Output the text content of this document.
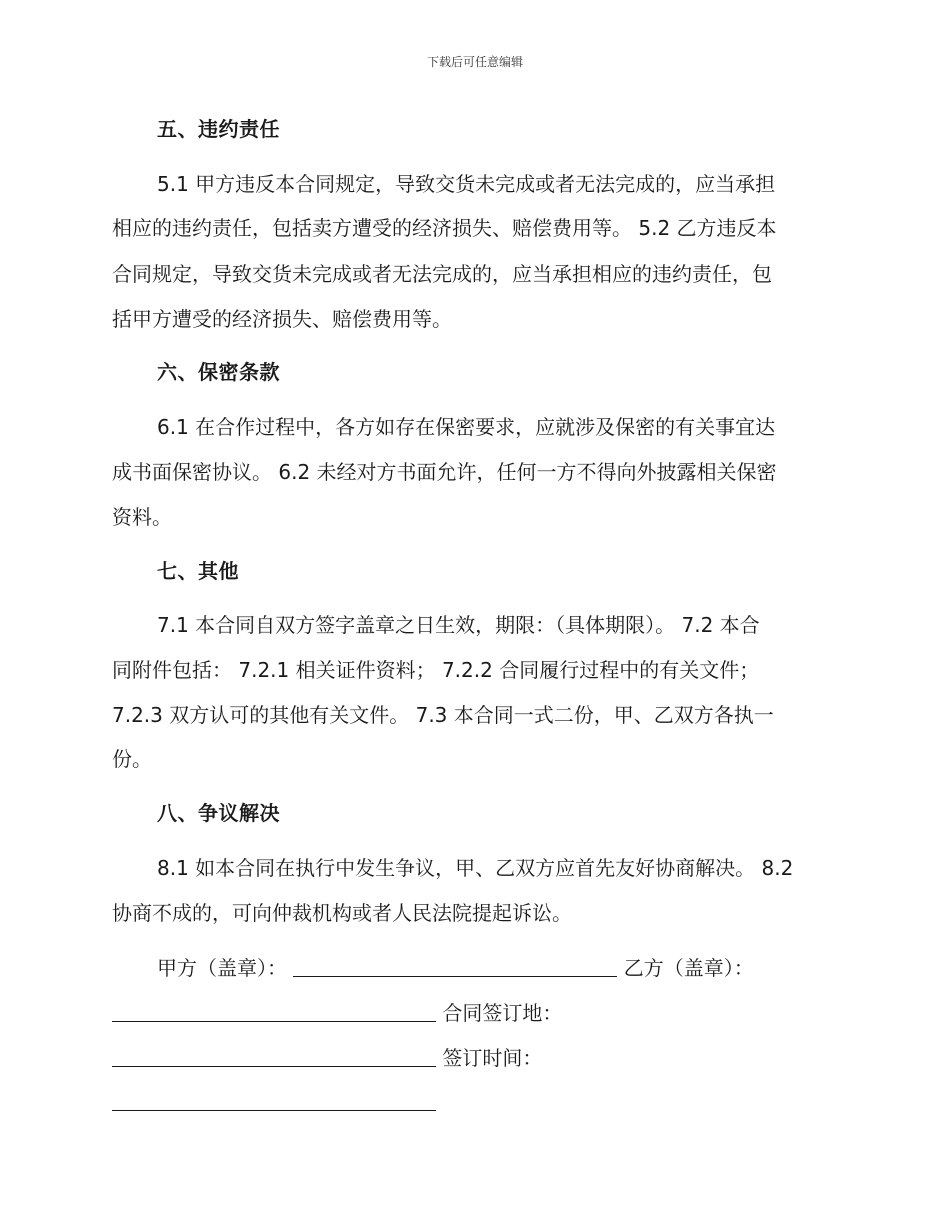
下载后可任意编辑
五、违约责任
5.1 甲方违反本合同规定，导致交货未完成或者无法完成的，应当承担
相应的违约责任，包括卖方遭受的经济损失、赔偿费用等。 5.2 乙方违反本
合同规定，导致交货未完成或者无法完成的，应当承担相应的违约责任，包
括甲方遭受的经济损失、赔偿费用等。
六、保密条款
6.1 在合作过程中，各方如存在保密要求，应就涉及保密的有关事宜达
成书面保密协议。 6.2 未经对方书面允许，任何一方不得向外披露相关保密
资料。
七、其他
7.1 本合同自双方签字盖章之日生效，期限：（具体期限）。 7.2 本合
同附件包括： 7.2.1 相关证件资料； 7.2.2 合同履行过程中的有关文件；
7.2.3 双方认可的其他有关文件。 7.3 本合同一式二份，甲、乙双方各执一
份。
八、争议解决
8.1 如本合同在执行中发生争议，甲、乙双方应首先友好协商解决。 8.2
协商不成的，可向仲裁机构或者人民法院提起诉讼。
甲方（盖章）：	乙方（盖章）：
合同签订地：
签订时间：
